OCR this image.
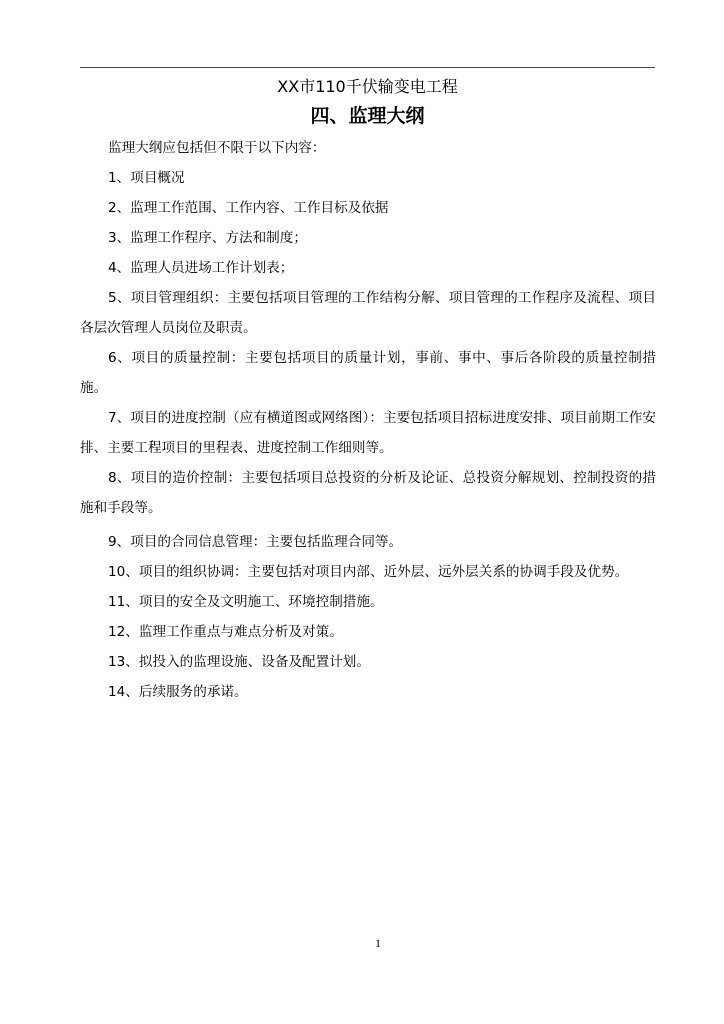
XX市110千伏输变电工程
四、监理大纲

监理大纲应包括但不限于以下内容：

1、项目概况

2、监理工作范围、工作内容、工作目标及依据

3、监理工作程序、方法和制度；

4、监理人员进场工作计划表；

5、项目管理组织：主要包括项目管理的工作结构分解、项目管理的工作程序及流程、项目各层次管理人员岗位及职责。

6、项目的质量控制：主要包括项目的质量计划，事前、事中、事后各阶段的质量控制措施。

7、项目的进度控制（应有横道图或网络图）：主要包括项目招标进度安排、项目前期工作安排、主要工程项目的里程表、进度控制工作细则等。

8、项目的造价控制：主要包括项目总投资的分析及论证、总投资分解规划、控制投资的措施和手段等。

9、项目的合同信息管理：主要包括监理合同等。

10、项目的组织协调：主要包括对项目内部、近外层、远外层关系的协调手段及优势。

11、项目的安全及文明施工、环境控制措施。

12、监理工作重点与难点分析及对策。

13、拟投入的监理设施、设备及配置计划。

14、后续服务的承诺。

1
